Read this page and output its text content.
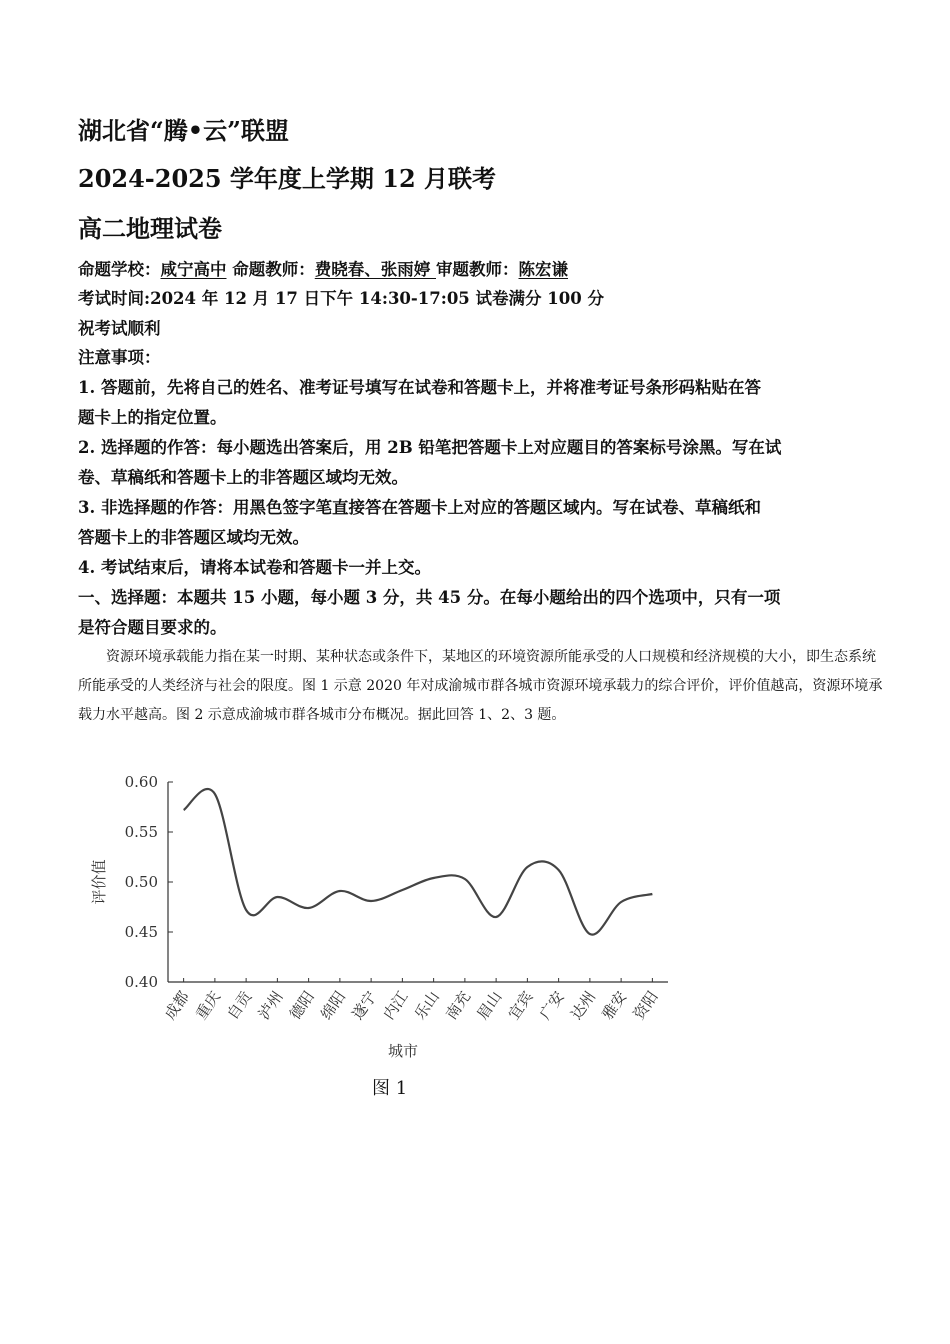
湖北省“腾•云”联盟
2024-2025 学年度上学期 12 月联考
高二地理试卷
命题学校：咸宁高中 命题教师：费晓春、张雨婷 审题教师：陈宏谦
考试时间:2024 年 12 月 17 日下午 14:30-17:05 试卷满分 100 分
祝考试顺利
注意事项：
1. 答题前，先将自己的姓名、准考证号填写在试卷和答题卡上，并将准考证号条形码粘贴在答
题卡上的指定位置。
2. 选择题的作答：每小题选出答案后，用 2B 铅笔把答题卡上对应题目的答案标号涂黑。写在试
卷、草稿纸和答题卡上的非答题区域均无效。
3. 非选择题的作答：用黑色签字笔直接答在答题卡上对应的答题区域内。写在试卷、草稿纸和
答题卡上的非答题区域均无效。
4. 考试结束后，请将本试卷和答题卡一并上交。
一、选择题：本题共 15 小题，每小题 3 分，共 45 分。在每小题给出的四个选项中，只有一项
是符合题目要求的。
资源环境承载能力指在某一时期、某种状态或条件下，某地区的环境资源所能承受的人口规模和经济规模的大小，即生态系统所能承受的人类经济与社会的限度。图 1 示意 2020 年对成渝城市群各城市资源环境承载力的综合评价，评价值越高，资源环境承载力水平越高。图 2 示意成渝城市群各城市分布概况。据此回答 1、2、3 题。
0.60
0.55
0.50
0.45
0.40
成都 重庆 自贡 泸州 德阳 绵阳 遂宁 内江 乐山 南充 眉山 宜宾 广安 达州 雅安 资阳
评价值
城市
图 1
